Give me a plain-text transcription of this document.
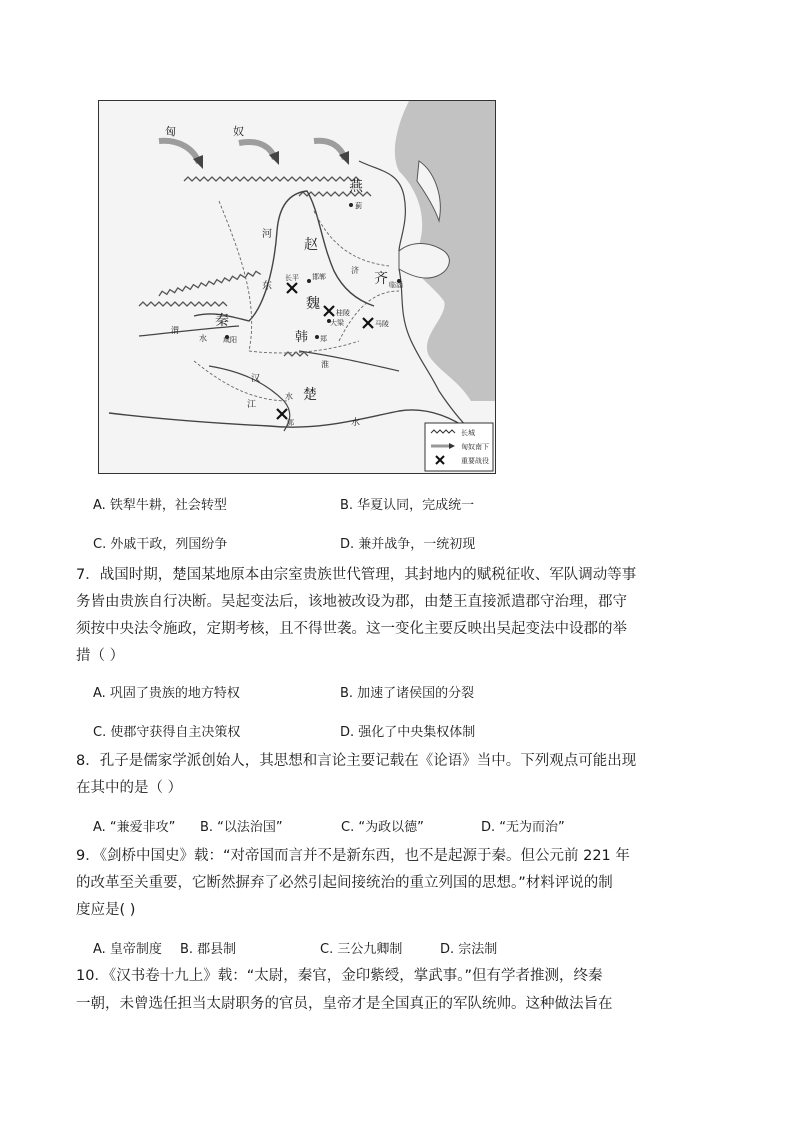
匈	奴
燕
蓟
赵
邯郸
长平	齐 临淄
魏
桂陵
大梁	马陵
秦
咸阳	韩 郑
楚
郢
河
东
渭
水
汉
江
水
淮
水
济
长城
匈奴南下
重要战役
A. 铁犁牛耕，社会转型	B. 华夏认同，完成统一
C. 外戚干政，列国纷争	D. 兼并战争，一统初现
7．战国时期，楚国某地原本由宗室贵族世代管理，其封地内的赋税征收、军队调动等事
务皆由贵族自行决断。吴起变法后，该地被改设为郡，由楚王直接派遣郡守治理，郡守
须按中央法令施政，定期考核，且不得世袭。这一变化主要反映出吴起变法中设郡的举
措（ ）
A. 巩固了贵族的地方特权	B. 加速了诸侯国的分裂
C. 使郡守获得自主决策权	D. 强化了中央集权体制
8．孔子是儒家学派创始人，其思想和言论主要记载在《论语》当中。下列观点可能出现
在其中的是（ ）
A. “兼爱非攻” B. “以法治国”	C. “为政以德”	D. “无为而治”
9．《剑桥中国史》载：“对帝国而言并不是新东西，也不是起源于秦。但公元前 221 年
的改革至关重要，它断然摒弃了必然引起间接统治的重立列国的思想。”材料评说的制
度应是( )
A. 皇帝制度 B. 郡县制	C. 三公九卿制	D. 宗法制
10．《汉书卷十九上》载：“太尉，秦官，金印紫绶，掌武事。”但有学者推测，终秦
一朝，未曾选任担当太尉职务的官员，皇帝才是全国真正的军队统帅。这种做法旨在
